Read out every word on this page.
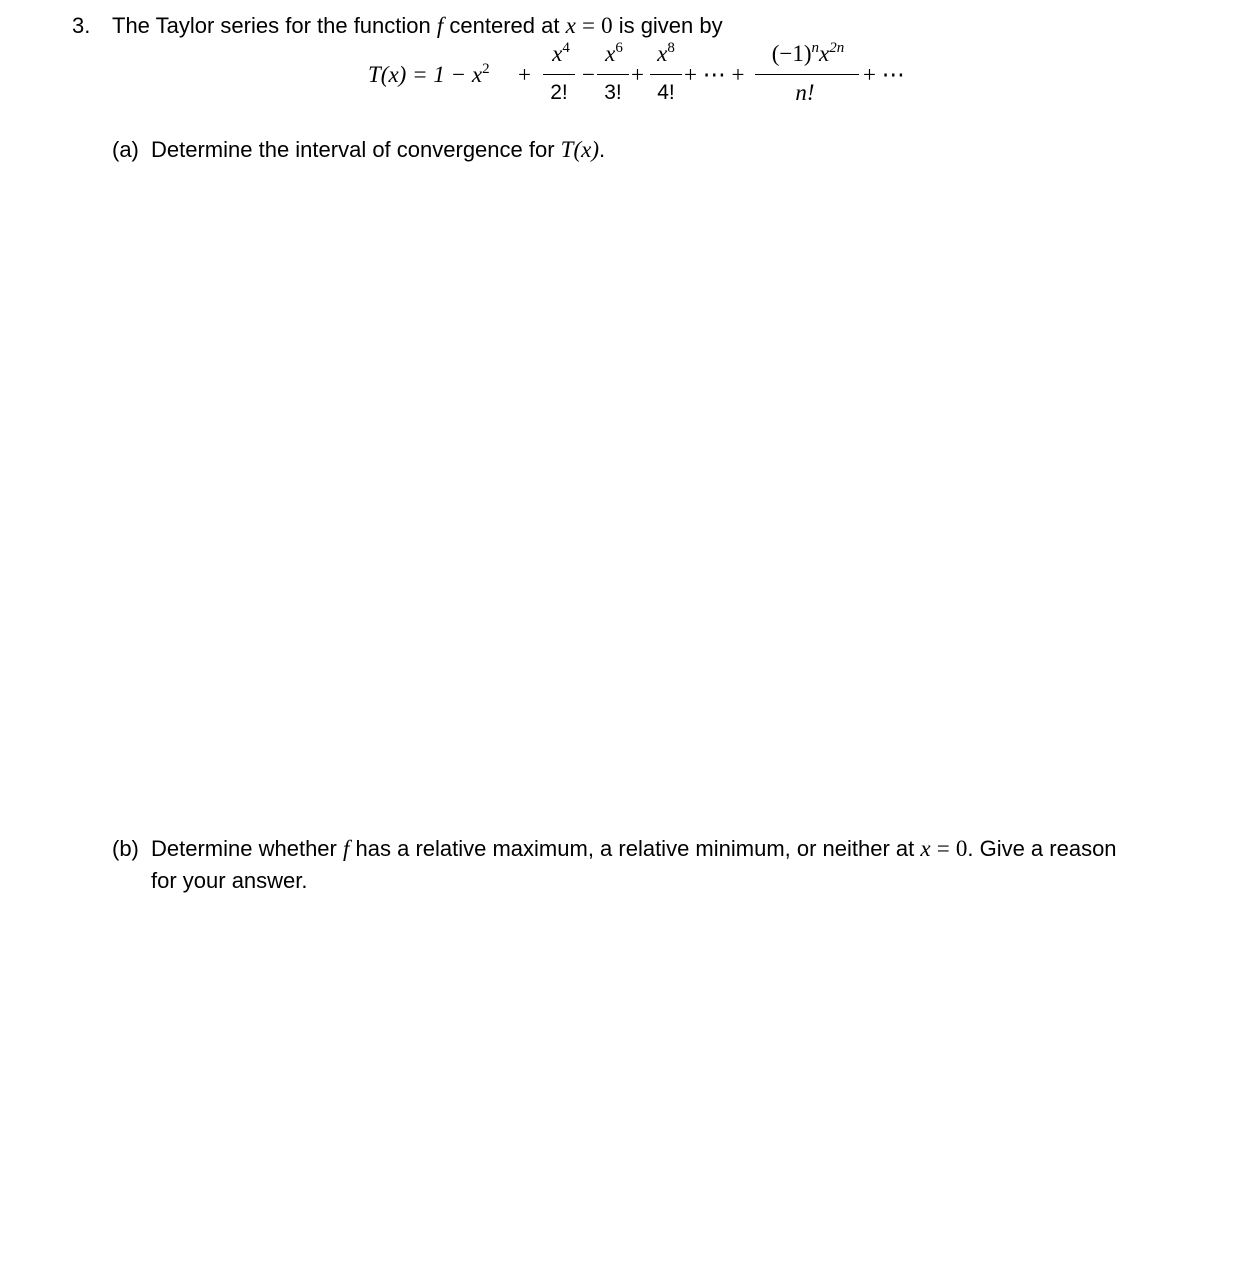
3. The Taylor series for the function f centered at x = 0 is given by
$T(x) = 1 - x^2$ +
$x^4$
2!
−
$x^6$
3!
+
$x^8$
4!
+ ⋯ +
$(-1)^nx^{2n}$
n!
+ ⋯
(a) Determine the interval of convergence for T(x).
(b) Determine whether f has a relative maximum, a relative minimum, or neither at x = 0. Give a reason
for your answer.
